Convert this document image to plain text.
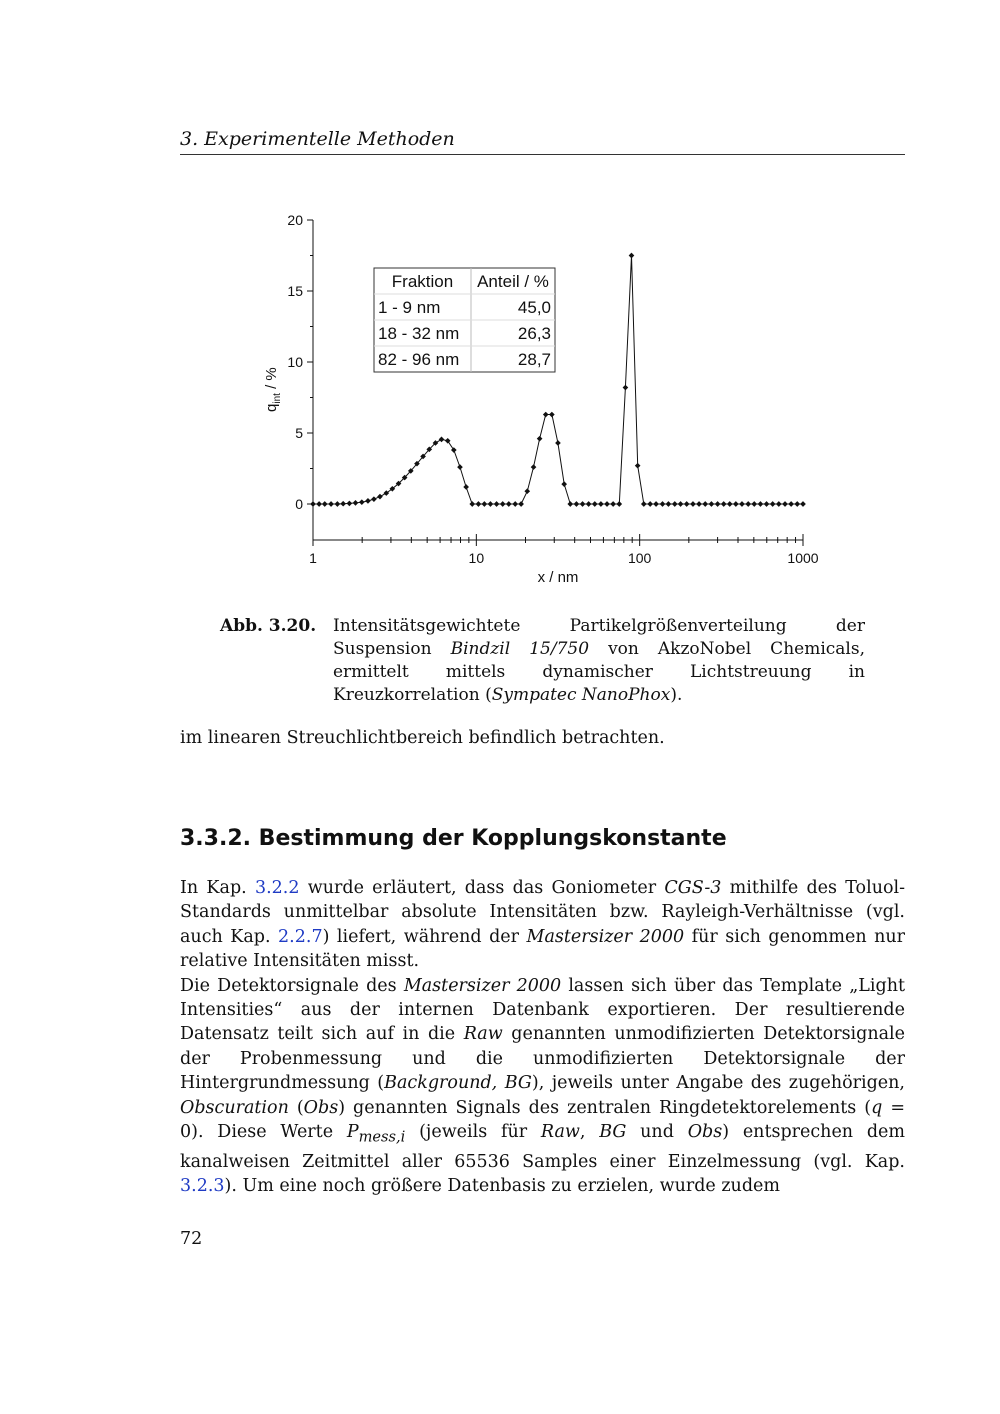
3. Experimentelle Methoden
0
5
10
15
20
1	10	100	1000
x / nm
$q_{int}$ / %
Fraktion Anteil / %
1 - 9 nm	45,0
18 - 32 nm	26,3
82 - 96 nm	28,7
Abb. 3.20. Intensitätsgewichtete Partikelgrößenverteilung der Suspension Bindzil 15/750 von AkzoNobel Chemicals, ermittelt mittels dynamischer Lichtstreuung in Kreuzkorrelation (Sympatec NanoPhox).
im linearen Streuchlichtbereich befindlich betrachten.
3.3.2. Bestimmung der Kopplungskonstante

In Kap. 3.2.2 wurde erläutert, dass das Goniometer CGS-3 mithilfe des Toluol-Standards unmittelbar absolute Intensitäten bzw. Rayleigh-Verhältnisse (vgl. auch Kap. 2.2.7) liefert, während der Mastersizer 2000 für sich genommen nur relative Intensitäten misst.

Die Detektorsignale des Mastersizer 2000 lassen sich über das Template „Light Intensities“ aus der internen Datenbank exportieren. Der resultierende Datensatz teilt sich auf in die Raw genannten unmodifizierten Detektorsignale der Probenmessung und die unmodifizierten Detektorsignale der Hintergrundmessung (Background, BG), jeweils unter Angabe des zugehörigen, Obscuration (Obs) genannten Signals des zentralen Ringdetektorelements (q = 0). Diese Werte $P_{mess,i}$ (jeweils für Raw, BG und Obs) entsprechen dem kanalweisen Zeitmittel aller 65536 Samples einer Einzelmessung (vgl. Kap. 3.2.3). Um eine noch größere Datenbasis zu erzielen, wurde zudem

72
